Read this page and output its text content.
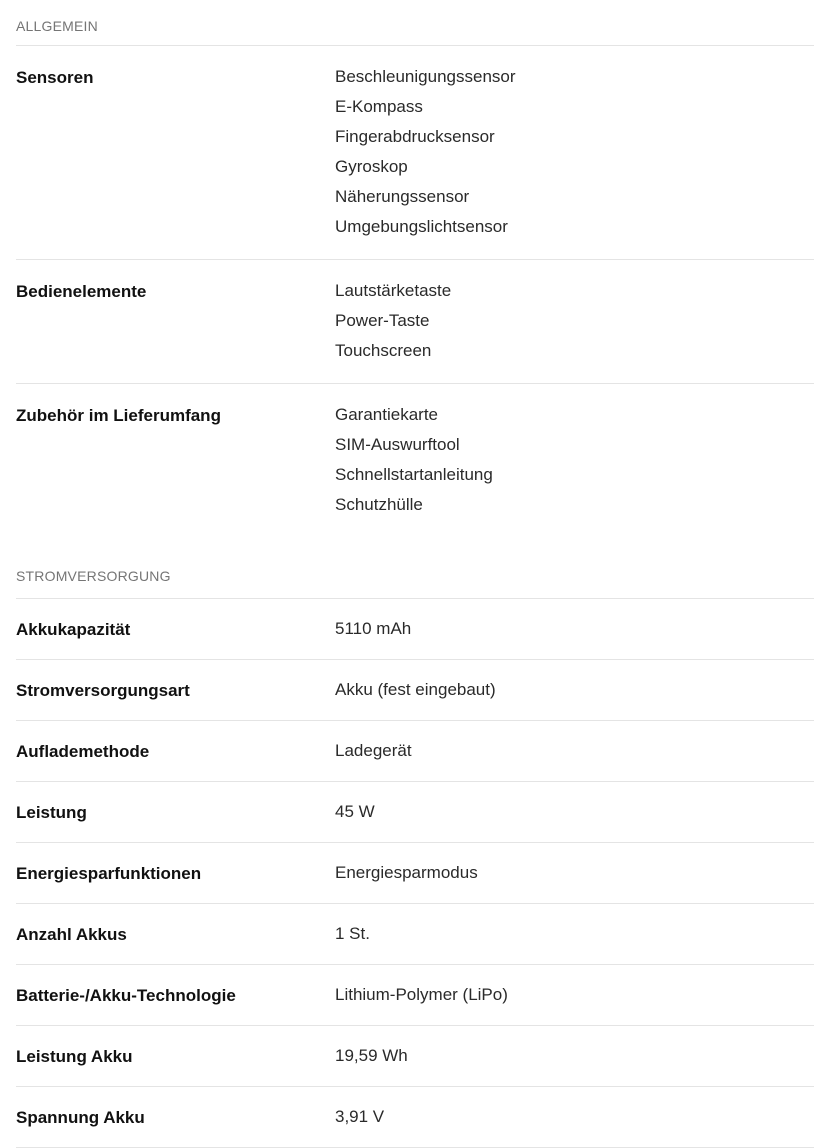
ALLGEMEIN
Sensoren	Beschleunigungssensor
E-Kompass
Fingerabdrucksensor
Gyroskop
Näherungssensor
Umgebungslichtsensor
Bedienelemente	Lautstärketaste
Power-Taste
Touchscreen
Zubehör im Lieferumfang	Garantiekarte
SIM-Auswurftool
Schnellstartanleitung
Schutzhülle
STROMVERSORGUNG
Akkukapazität	5110 mAh
Stromversorgungsart	Akku (fest eingebaut)
Auflademethode	Ladegerät
Leistung	45 W
Energiesparfunktionen	Energiesparmodus
Anzahl Akkus	1 St.
Batterie-/Akku-Technologie	Lithium-Polymer (LiPo)
Leistung Akku	19,59 Wh
Spannung Akku	3,91 V
